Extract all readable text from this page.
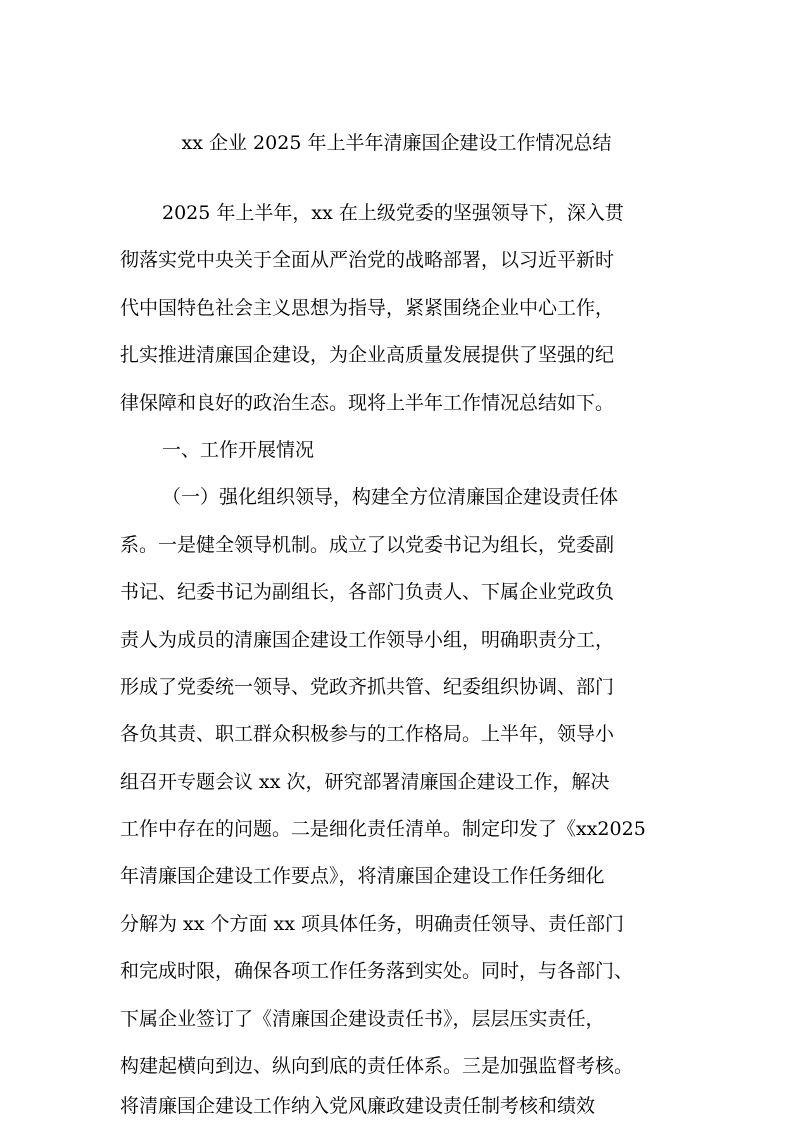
xx 企业 2025 年上半年清廉国企建设工作情况总结
2025 年上半年，xx 在上级党委的坚强领导下，深入贯
彻落实党中央关于全面从严治党的战略部署，以习近平新时
代中国特色社会主义思想为指导，紧紧围绕企业中心工作，
扎实推进清廉国企建设，为企业高质量发展提供了坚强的纪
律保障和良好的政治生态。现将上半年工作情况总结如下。
一、工作开展情况
（一）强化组织领导，构建全方位清廉国企建设责任体
系。一是健全领导机制。成立了以党委书记为组长，党委副
书记、纪委书记为副组长，各部门负责人、下属企业党政负
责人为成员的清廉国企建设工作领导小组，明确职责分工，
形成了党委统一领导、党政齐抓共管、纪委组织协调、部门
各负其责、职工群众积极参与的工作格局。上半年，领导小
组召开专题会议 xx 次，研究部署清廉国企建设工作，解决
工作中存在的问题。二是细化责任清单。制定印发了《xx2025
年清廉国企建设工作要点》，将清廉国企建设工作任务细化
分解为 xx 个方面 xx 项具体任务，明确责任领导、责任部门
和完成时限，确保各项工作任务落到实处。同时，与各部门、
下属企业签订了《清廉国企建设责任书》，层层压实责任，
构建起横向到边、纵向到底的责任体系。三是加强监督考核。
将清廉国企建设工作纳入党风廉政建设责任制考核和绩效
